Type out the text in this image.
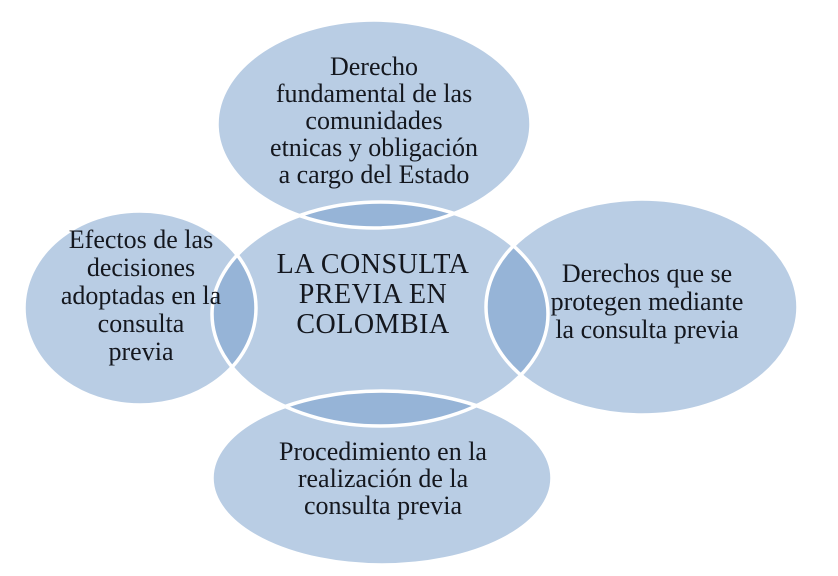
Derecho
fundamental de las
comunidades
etnicas y obligación
a cargo del Estado
Efectos de las
decisiones
adoptadas en la
consulta
previa
LA CONSULTA
PREVIA EN
COLOMBIA
Derechos que se
protegen mediante
la consulta previa
Procedimiento en la
realización de la
consulta previa
